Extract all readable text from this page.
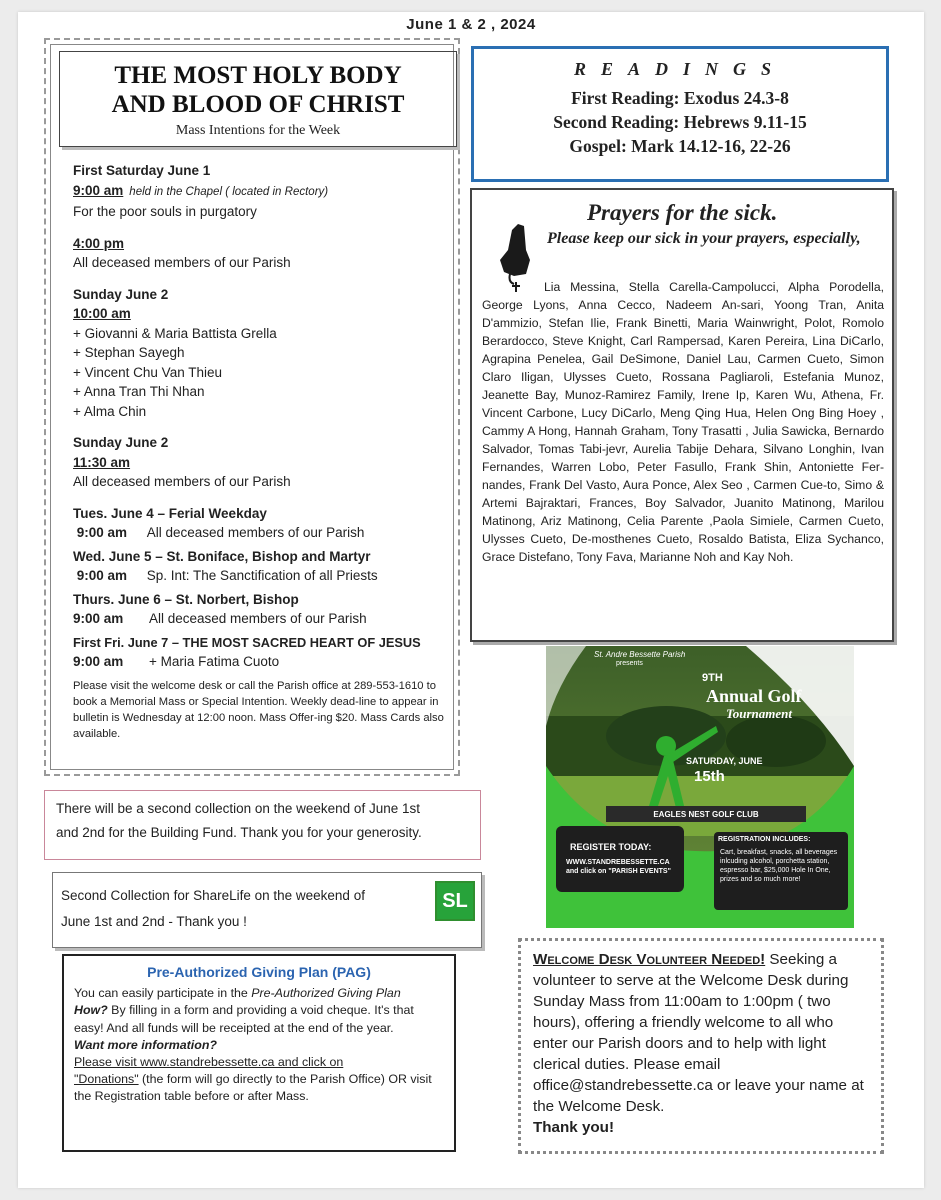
June 1 & 2 , 2024
THE MOST HOLY BODY
AND BLOOD OF CHRIST
Mass Intentions for the Week
First Saturday June 1
9:00 am held in the Chapel ( located in Rectory)
For the poor souls in purgatory
4:00 pm
All deceased members of our Parish
Sunday June 2
10:00 am
+ Giovanni & Maria Battista Grella
+ Stephan Sayegh
+ Vincent Chu Van Thieu
+ Anna Tran Thi Nhan
+ Alma Chin
Sunday June 2
11:30 am
All deceased members of our Parish
Tues. June 4 – Ferial Weekday
9:00 am All deceased members of our Parish
Wed. June 5 – St. Boniface, Bishop and Martyr
9:00 am Sp. Int: The Sanctification of all Priests
Thurs. June 6 – St. Norbert, Bishop
9:00 am All deceased members of our Parish
First Fri. June 7 – THE MOST SACRED HEART OF JESUS
9:00 am + Maria Fatima Cuoto
Please visit the welcome desk or call the Parish office at 289-553-1610 to book a Memorial Mass or Special Intention. Weekly dead-line to appear in bulletin is Wednesday at 12:00 noon. Mass Offer-ing $20. Mass Cards also available.
READINGS
First Reading: Exodus 24.3-8
Second Reading: Hebrews 9.11-15
Gospel: Mark 14.12-16, 22-26
Prayers for the sick.
Please keep our sick in your prayers, especially,
Lia Messina, Stella Carella-Campolucci, Alpha Porodella, George Lyons, Anna Cecco, Nadeem An-sari, Yoong Tran, Anita D'ammizio, Stefan Ilie, Frank Binetti, Maria Wainwright, Polot, Romolo Berardocco, Steve Knight, Carl Rampersad, Karen Pereira, Lina DiCarlo, Agrapina Penelea, Gail DeSimone, Daniel Lau, Carmen Cueto, Simon Claro Iligan, Ulysses Cueto, Rossana Pagliaroli, Estefania Munoz, Jeanette Bay, Munoz-Ramirez Family, Irene Ip, Karen Wu, Athena, Fr. Vincent Carbone, Lucy DiCarlo, Meng Qing Hua, Helen Ong Bing Hoey , Cammy A Hong, Hannah Graham, Tony Trasatti , Julia Sawicka, Bernardo Salvador, Tomas Tabi-jevr, Aurelia Tabije Dehara, Silvano Longhin, Ivan Fernandes, Warren Lobo, Peter Fasullo, Frank Shin, Antoniette Fer-nandes, Frank Del Vasto, Aura Ponce, Alex Seo , Carmen Cue-to, Simo & Artemi Bajraktari, Frances, Boy Salvador, Juanito Matinong, Marilou Matinong, Ariz Matinong, Celia Parente ,Paola Simiele, Carmen Cueto, Ulysses Cueto, De-mosthenes Cueto, Rosaldo Batista, Eliza Sychanco, Grace Distefano, Tony Fava, Marianne Noh and Kay Noh.
St. Andre Bessette Parish
presents
9TH
Annual Golf
Tournament
SATURDAY, JUNE
15th
EAGLES NEST GOLF CLUB
REGISTER TODAY:
WWW.STANDREBESSETTE.CA and click on "PARISH EVENTS"
REGISTRATION INCLUDES:
Cart, breakfast, snacks, all beverages inlcuding alcohol, porchetta station, espresso bar, $25,000 Hole In One, prizes and so much more!
There will be a second collection on the weekend of June 1st
and 2nd for the Building Fund. Thank you for your generosity.
Second Collection for ShareLife on the weekend of
June 1st and 2nd - Thank you !
SL
Pre-Authorized Giving Plan (PAG)
You can easily participate in the Pre-Authorized Giving Plan
How? By filling in a form and providing a void cheque. It's that easy! And all funds will be receipted at the end of the year.
Want more information?
Please visit www.standrebessette.ca and click on
"Donations" (the form will go directly to the Parish Office) OR visit the Registration table before or after Mass.
Welcome Desk Volunteer Needed! Seeking a volunteer to serve at the Welcome Desk during Sunday Mass from 11:00am to 1:00pm ( two hours), offering a friendly welcome to all who enter our Parish doors and to help with light clerical duties. Please email office@standrebessette.ca or leave your name at the Welcome Desk.
Thank you!
